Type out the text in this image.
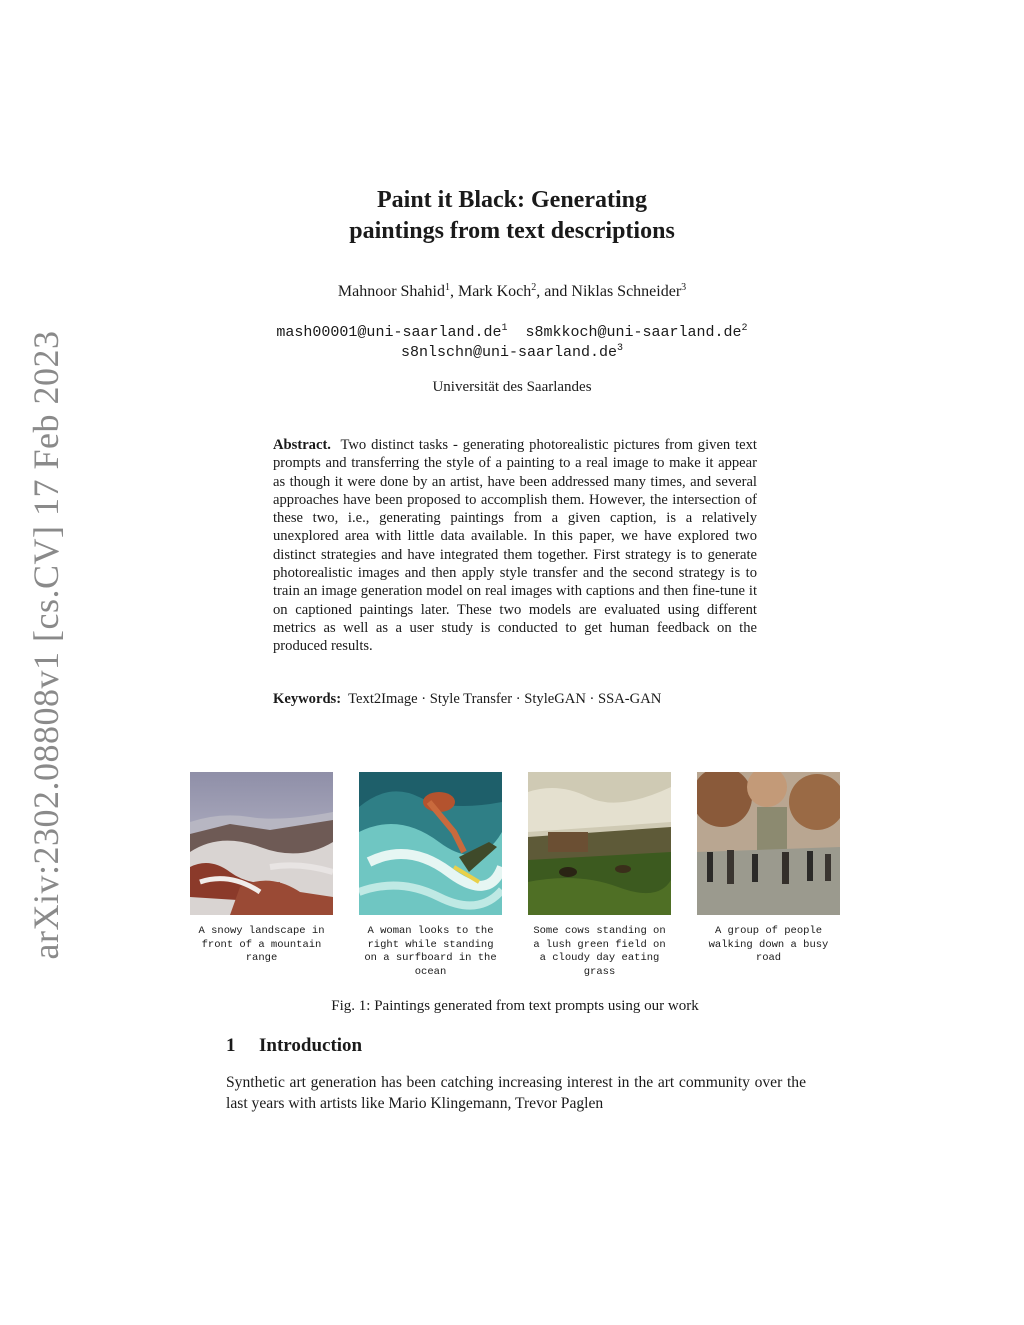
arXiv:2302.08808v1 [cs.CV] 17 Feb 2023
Paint it Black: Generating
paintings from text descriptions
Mahnoor Shahid$^1$, Mark Koch$^2$, and Niklas Schneider$^3$
$mash00001@uni-saarland.de^1$ $s8mkkoch@uni-saarland.de^2$
$s8nlschn@uni-saarland.de^3$
Universität des Saarlandes
Abstract. Two distinct tasks - generating photorealistic pictures from given text prompts and transferring the style of a painting to a real image to make it appear as though it were done by an artist, have been addressed many times, and several approaches have been proposed to accomplish them. However, the intersection of these two, i.e., generating paintings from a given caption, is a relatively unexplored area with little data available. In this paper, we have explored two distinct strategies and have integrated them together. First strategy is to generate photorealistic images and then apply style transfer and the second strategy is to train an image generation model on real images with captions and then fine-tune it on captioned paintings later. These two models are evaluated using different metrics as well as a user study is conducted to get human feedback on the produced results.
Keywords: Text2Image · Style Transfer · StyleGAN · SSA-GAN
A snowy landscape in
front of a mountain
range
A woman looks to the
right while standing
on a surfboard in the
ocean
Some cows standing on
a lush green field on
a cloudy day eating
grass
A group of people
walking down a busy
road
Fig. 1: Paintings generated from text prompts using our work
1 Introduction
Synthetic art generation has been catching increasing interest in the art community over the last years with artists like Mario Klingemann, Trevor Paglen
